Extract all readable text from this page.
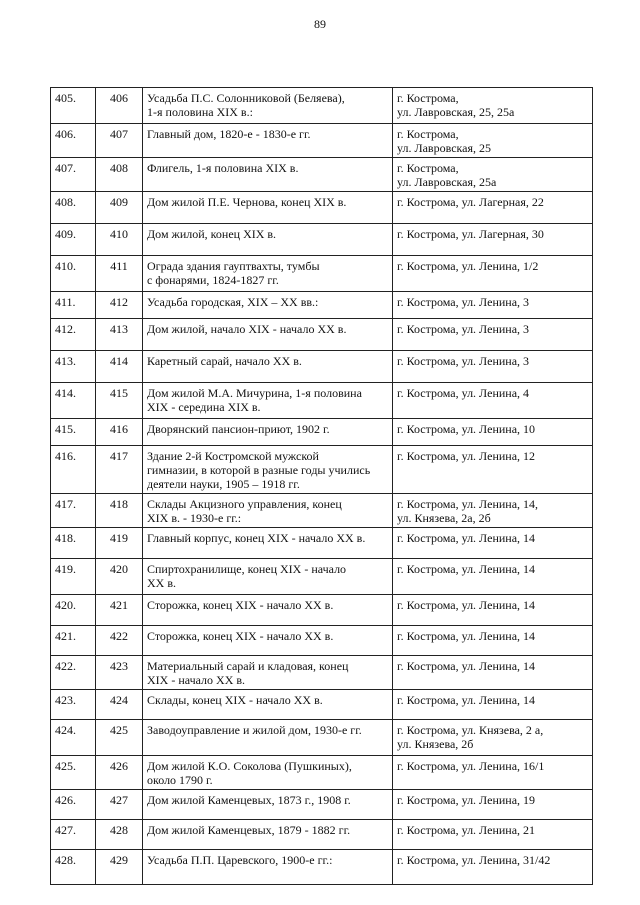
89
405.	406	Усадьба П.С. Солонниковой (Беляева),
1-я половина XIX в.:	г. Кострома,
ул. Лавровская, 25, 25а
406.	407	Главный дом, 1820-е - 1830-е гг.	г. Кострома,
ул. Лавровская, 25
407.	408	Флигель, 1-я половина XIX в.	г. Кострома,
ул. Лавровская, 25а
408.	409	Дом жилой П.Е. Чернова, конец XIX в.	г. Кострома, ул. Лагерная, 22
409.	410	Дом жилой, конец XIX в.	г. Кострома, ул. Лагерная, 30
410.	411	Ограда здания гауптвахты, тумбы
с фонарями, 1824-1827 гг.	г. Кострома, ул. Ленина, 1/2
411.	412	Усадьба городская, XIX – XX вв.:	г. Кострома, ул. Ленина, 3
412.	413	Дом жилой, начало XIX - начало XX в.	г. Кострома, ул. Ленина, 3
413.	414	Каретный сарай, начало XX в.	г. Кострома, ул. Ленина, 3
414.	415	Дом жилой М.А. Мичурина, 1-я половина
XIX - середина XIX в.	г. Кострома, ул. Ленина, 4
415.	416	Дворянский пансион-приют, 1902 г.	г. Кострома, ул. Ленина, 10
416.	417	Здание 2-й Костромской мужской
гимназии, в которой в разные годы учились
деятели науки, 1905 – 1918 гг.	г. Кострома, ул. Ленина, 12
417.	418	Склады Акцизного управления, конец
XIX в. - 1930-е гг.:	г. Кострома, ул. Ленина, 14,
ул. Князева, 2а, 2б
418.	419	Главный корпус, конец XIX - начало XX в.	г. Кострома, ул. Ленина, 14
419.	420	Спиртохранилище, конец XIX - начало
XX в.	г. Кострома, ул. Ленина, 14
420.	421	Сторожка, конец XIX - начало XX в.	г. Кострома, ул. Ленина, 14
421.	422	Сторожка, конец XIX - начало XX в.	г. Кострома, ул. Ленина, 14
422.	423	Материальный сарай и кладовая, конец
XIX - начало XX в.	г. Кострома, ул. Ленина, 14
423.	424	Склады, конец XIX - начало XX в.	г. Кострома, ул. Ленина, 14
424.	425	Заводоуправление и жилой дом, 1930-е гг.	г. Кострома, ул. Князева, 2 а,
ул. Князева, 2б
425.	426	Дом жилой К.О. Соколова (Пушкиных),
около 1790 г.	г. Кострома, ул. Ленина, 16/1
426.	427	Дом жилой Каменцевых, 1873 г., 1908 г.	г. Кострома, ул. Ленина, 19
427.	428	Дом жилой Каменцевых, 1879 - 1882 гг.	г. Кострома, ул. Ленина, 21
428.	429	Усадьба П.П. Царевского, 1900-е гг.:	г. Кострома, ул. Ленина, 31/42
